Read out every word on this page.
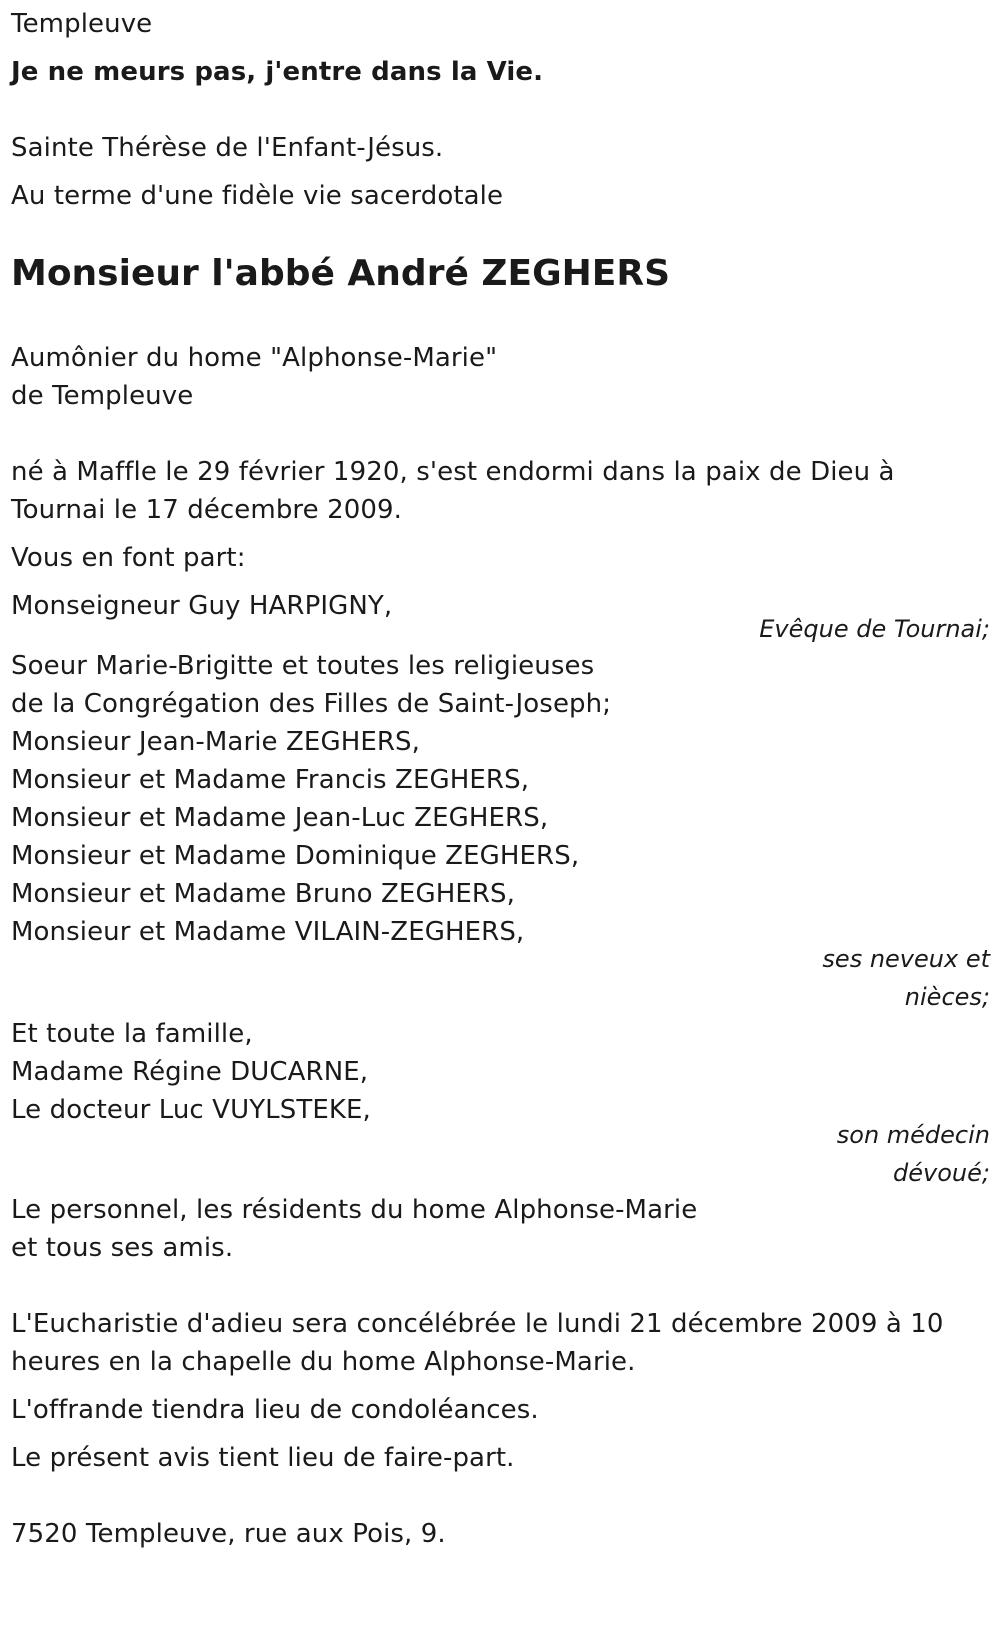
Templeuve
Je ne meurs pas, j'entre dans la Vie.
Sainte Thérèse de l'Enfant-Jésus.
Au terme d'une fidèle vie sacerdotale
Monsieur l'abbé André ZEGHERS
Aumônier du home "Alphonse-Marie"
de Templeuve
né à Maffle le 29 février 1920, s'est endormi dans la paix de Dieu à
Tournai le 17 décembre 2009.
Vous en font part:
Monseigneur Guy HARPIGNY,
Evêque de Tournai;
Soeur Marie-Brigitte et toutes les religieuses
de la Congrégation des Filles de Saint-Joseph;
Monsieur Jean-Marie ZEGHERS,
Monsieur et Madame Francis ZEGHERS,
Monsieur et Madame Jean-Luc ZEGHERS,
Monsieur et Madame Dominique ZEGHERS,
Monsieur et Madame Bruno ZEGHERS,
Monsieur et Madame VILAIN-ZEGHERS,
ses neveux et
nièces;
Et toute la famille,
Madame Régine DUCARNE,
Le docteur Luc VUYLSTEKE,
son médecin
dévoué;
Le personnel, les résidents du home Alphonse-Marie
et tous ses amis.
L'Eucharistie d'adieu sera concélébrée le lundi 21 décembre 2009 à 10
heures en la chapelle du home Alphonse-Marie.
L'offrande tiendra lieu de condoléances.
Le présent avis tient lieu de faire-part.
7520 Templeuve, rue aux Pois, 9.
